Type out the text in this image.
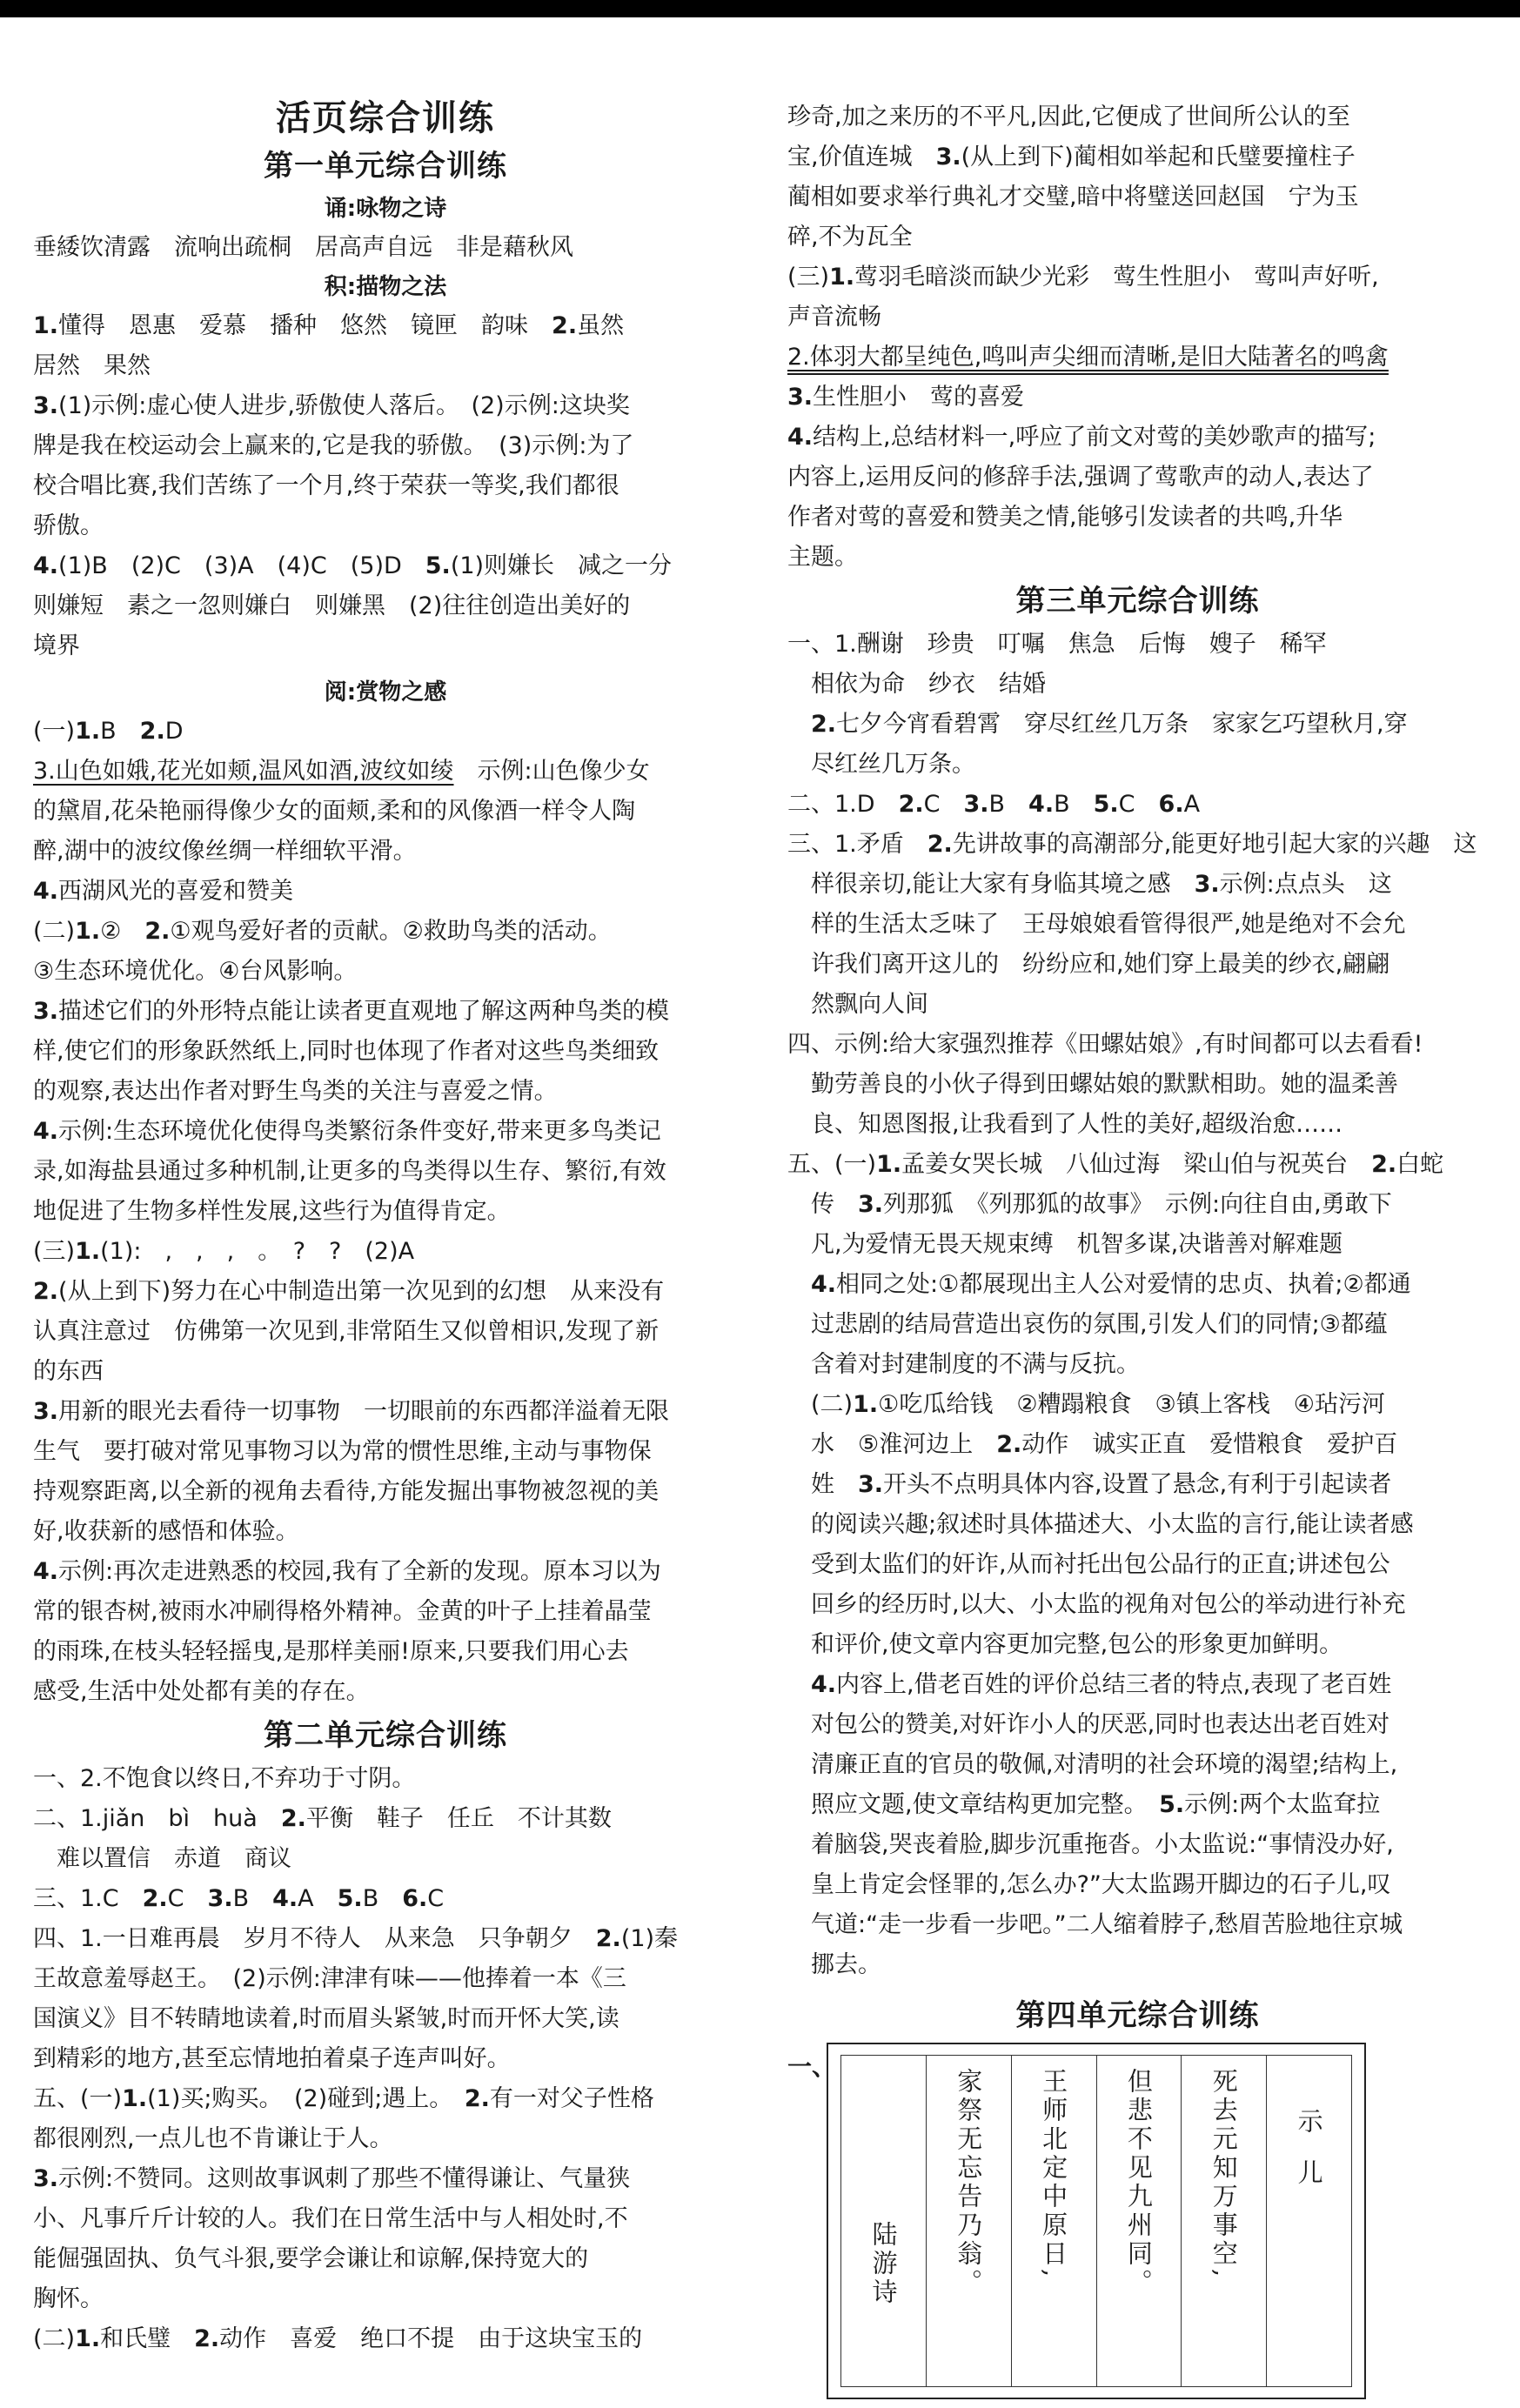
活页综合训练
第一单元综合训练
诵:咏物之诗

垂緌饮清露　流响出疏桐　居高声自远　非是藉秋风

积:描物之法

1.懂得　恩惠　爱慕　播种　悠然　镜匣　韵味　2.虽然

居然　果然

3.(1)示例:虚心使人进步,骄傲使人落后。　(2)示例:这块奖

牌是我在校运动会上赢来的,它是我的骄傲。　(3)示例:为了

校合唱比赛,我们苦练了一个月,终于荣获一等奖,我们都很

骄傲。

4.(1)B　(2)C　(3)A　(4)C　(5)D　5.(1)则嫌长　减之一分

则嫌短　素之一忽则嫌白　则嫌黑　(2)往往创造出美好的

境界

阅:赏物之感

(一)1.B　2.D

3.山色如娥,花光如颊,温风如酒,波纹如绫　示例:山色像少女

的黛眉,花朵艳丽得像少女的面颊,柔和的风像酒一样令人陶

醉,湖中的波纹像丝绸一样细软平滑。

4.西湖风光的喜爱和赞美

(二)1.②　2.①观鸟爱好者的贡献。②救助鸟类的活动。

③生态环境优化。④台风影响。

3.描述它们的外形特点能让读者更直观地了解这两种鸟类的模

样,使它们的形象跃然纸上,同时也体现了作者对这些鸟类细致

的观察,表达出作者对野生鸟类的关注与喜爱之情。

4.示例:生态环境优化使得鸟类繁衍条件变好,带来更多鸟类记

录,如海盐县通过多种机制,让更多的鸟类得以生存、繁衍,有效

地促进了生物多样性发展,这些行为值得肯定。

(三)1.(1):　,　,　,　。　?　?　(2)A

2.(从上到下)努力在心中制造出第一次见到的幻想　从来没有

认真注意过　仿佛第一次见到,非常陌生又似曾相识,发现了新

的东西

3.用新的眼光去看待一切事物　一切眼前的东西都洋溢着无限

生气　要打破对常见事物习以为常的惯性思维,主动与事物保

持观察距离,以全新的视角去看待,方能发掘出事物被忽视的美

好,收获新的感悟和体验。

4.示例:再次走进熟悉的校园,我有了全新的发现。原本习以为

常的银杏树,被雨水冲刷得格外精神。金黄的叶子上挂着晶莹

的雨珠,在枝头轻轻摇曳,是那样美丽!原来,只要我们用心去

感受,生活中处处都有美的存在。

第二单元综合训练

一、2.不饱食以终日,不弃功于寸阴。

二、1.jiǎn　bì　huà　2.平衡　鞋子　任丘　不计其数

　难以置信　赤道　商议

三、1.C　2.C　3.B　4.A　5.B　6.C

四、1.一日难再晨　岁月不待人　从来急　只争朝夕　2.(1)秦

王故意羞辱赵王。　(2)示例:津津有味——他捧着一本《三

国演义》目不转睛地读着,时而眉头紧皱,时而开怀大笑,读

到精彩的地方,甚至忘情地拍着桌子连声叫好。

五、(一)1.(1)买;购买。　(2)碰到;遇上。　2.有一对父子性格

都很刚烈,一点儿也不肯谦让于人。

3.示例:不赞同。这则故事讽刺了那些不懂得谦让、气量狭

小、凡事斤斤计较的人。我们在日常生活中与人相处时,不

能倔强固执、负气斗狠,要学会谦让和谅解,保持宽大的

胸怀。

(二)1.和氏璧　2.动作　喜爱　绝口不提　由于这块宝玉的

珍奇,加之来历的不平凡,因此,它便成了世间所公认的至

宝,价值连城　3.(从上到下)蔺相如举起和氏璧要撞柱子

蔺相如要求举行典礼才交璧,暗中将璧送回赵国　宁为玉

碎,不为瓦全

(三)1.莺羽毛暗淡而缺少光彩　莺生性胆小　莺叫声好听,

声音流畅

2.体羽大都呈纯色,鸣叫声尖细而清晰,是旧大陆著名的鸣禽

3.生性胆小　莺的喜爱

4.结构上,总结材料一,呼应了前文对莺的美妙歌声的描写;

内容上,运用反问的修辞手法,强调了莺歌声的动人,表达了

作者对莺的喜爱和赞美之情,能够引发读者的共鸣,升华

主题。

第三单元综合训练

一、1.酬谢　珍贵　叮嘱　焦急　后悔　嫂子　稀罕

　相依为命　纱衣　结婚

　2.七夕今宵看碧霄　穿尽红丝几万条　家家乞巧望秋月,穿

　尽红丝几万条。

二、1.D　2.C　3.B　4.B　5.C　6.A

三、1.矛盾　2.先讲故事的高潮部分,能更好地引起大家的兴趣　这

　样很亲切,能让大家有身临其境之感　3.示例:点点头　这

　样的生活太乏味了　王母娘娘看管得很严,她是绝对不会允

　许我们离开这儿的　纷纷应和,她们穿上最美的纱衣,翩翩

　然飘向人间

四、示例:给大家强烈推荐《田螺姑娘》,有时间都可以去看看!

　勤劳善良的小伙子得到田螺姑娘的默默相助。她的温柔善

　良、知恩图报,让我看到了人性的美好,超级治愈……

五、(一)1.孟姜女哭长城　八仙过海　梁山伯与祝英台　2.白蛇

　传　3.列那狐　《列那狐的故事》　示例:向往自由,勇敢下

　凡,为爱情无畏天规束缚　机智多谋,决谐善对解难题

　4.相同之处:①都展现出主人公对爱情的忠贞、执着;②都通

　过悲剧的结局营造出哀伤的氛围,引发人们的同情;③都蕴

　含着对封建制度的不满与反抗。

　(二)1.①吃瓜给钱　②糟蹋粮食　③镇上客栈　④玷污河

　水　⑤淮河边上　2.动作　诚实正直　爱惜粮食　爱护百

　姓　3.开头不点明具体内容,设置了悬念,有利于引起读者

　的阅读兴趣;叙述时具体描述大、小太监的言行,能让读者感

　受到太监们的奸诈,从而衬托出包公品行的正直;讲述包公

　回乡的经历时,以大、小太监的视角对包公的举动进行补充

　和评价,使文章内容更加完整,包公的形象更加鲜明。

　4.内容上,借老百姓的评价总结三者的特点,表现了老百姓

　对包公的赞美,对奸诈小人的厌恶,同时也表达出老百姓对

　清廉正直的官员的敬佩,对清明的社会环境的渴望;结构上,

　照应文题,使文章结构更加完整。　5.示例:两个太监耷拉

　着脑袋,哭丧着脸,脚步沉重拖沓。小太监说:“事情没办好,

　皇上肯定会怪罪的,怎么办?”大太监踢开脚边的石子儿,叹

　气道:“走一步看一步吧。”二人缩着脖子,愁眉苦脸地往京城

　挪去。

第四单元综合训练
一、
示儿
死去元知万事空,
但悲不见九州同。
王师北定中原日,
家祭无忘告乃翁。
陆游诗
